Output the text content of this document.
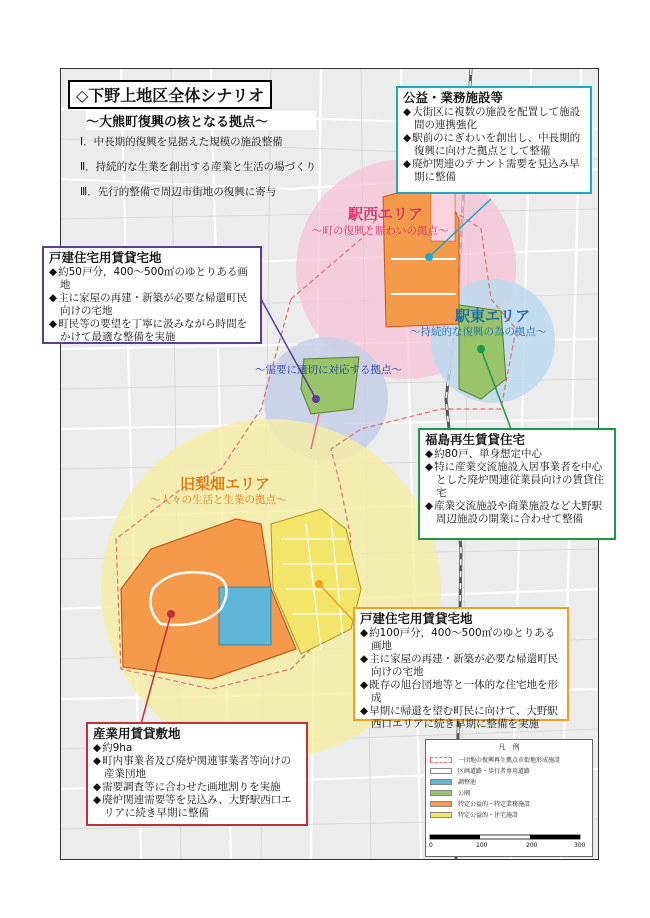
◇下野上地区全体シナリオ
〜大熊町復興の核となる拠点〜
Ⅰ．中長期的復興を見据えた規模の施設整備
Ⅱ．持続的な生業を創出する産業と生活の場づくり
Ⅲ．先行的整備で周辺市街地の復興に寄与
駅西エリア
〜町の復興と賑わいの拠点〜
駅東エリア
〜持続的な復興の為の拠点〜
〜需要に適切に対応する拠点〜
旧梨畑エリア
〜人々の生活と生業の拠点〜
公益・業務施設等
◆ 大街区に複数の施設を配置して施設間の連携強化
◆ 駅前のにぎわいを創出し、中長期的復興に向けた拠点として整備
◆ 廃炉関連のテナント需要を見込み早期に整備
戸建住宅用賃貸宅地
◆ 約50戸分，400〜500㎡のゆとりある画地
◆ 主に家屋の再建・新築が必要な帰還町民向けの宅地
◆ 町民等の要望を丁寧に汲みながら時間をかけて最適な整備を実施
福島再生賃貸住宅
◆ 約80戸、単身想定中心
◆ 特に産業交流施設入居事業者を中心とした廃炉関連従業員向けの賃貸住宅
◆ 産業交流施設や商業施設など大野駅周辺施設の開業に合わせて整備
戸建住宅用賃貸宅地
◆ 約100戸分，400〜500㎡のゆとりある画地
◆ 主に家屋の再建・新築が必要な帰還町民向けの宅地
◆ 既存の旭台団地等と一体的な住宅地を形成
◆ 早期に帰還を望む町民に向けて、大野駅西口エリアに続き早期に整備を実施
産業用賃貸敷地
◆ 約9ha
◆ 町内事業者及び廃炉関連事業者等向けの産業団地
◆ 需要調査等に合わせた画地割りを実施
◆ 廃炉関連需要等を見込み、大野駅西口エリアに続き早期に整備
凡　例
一団地の復興再生拠点市街地形成施設
区画道路・歩行者専用道路
調整池
公園
特定公益的・特定業務施設
特定公益的・住宅施設
0	100	200	300
